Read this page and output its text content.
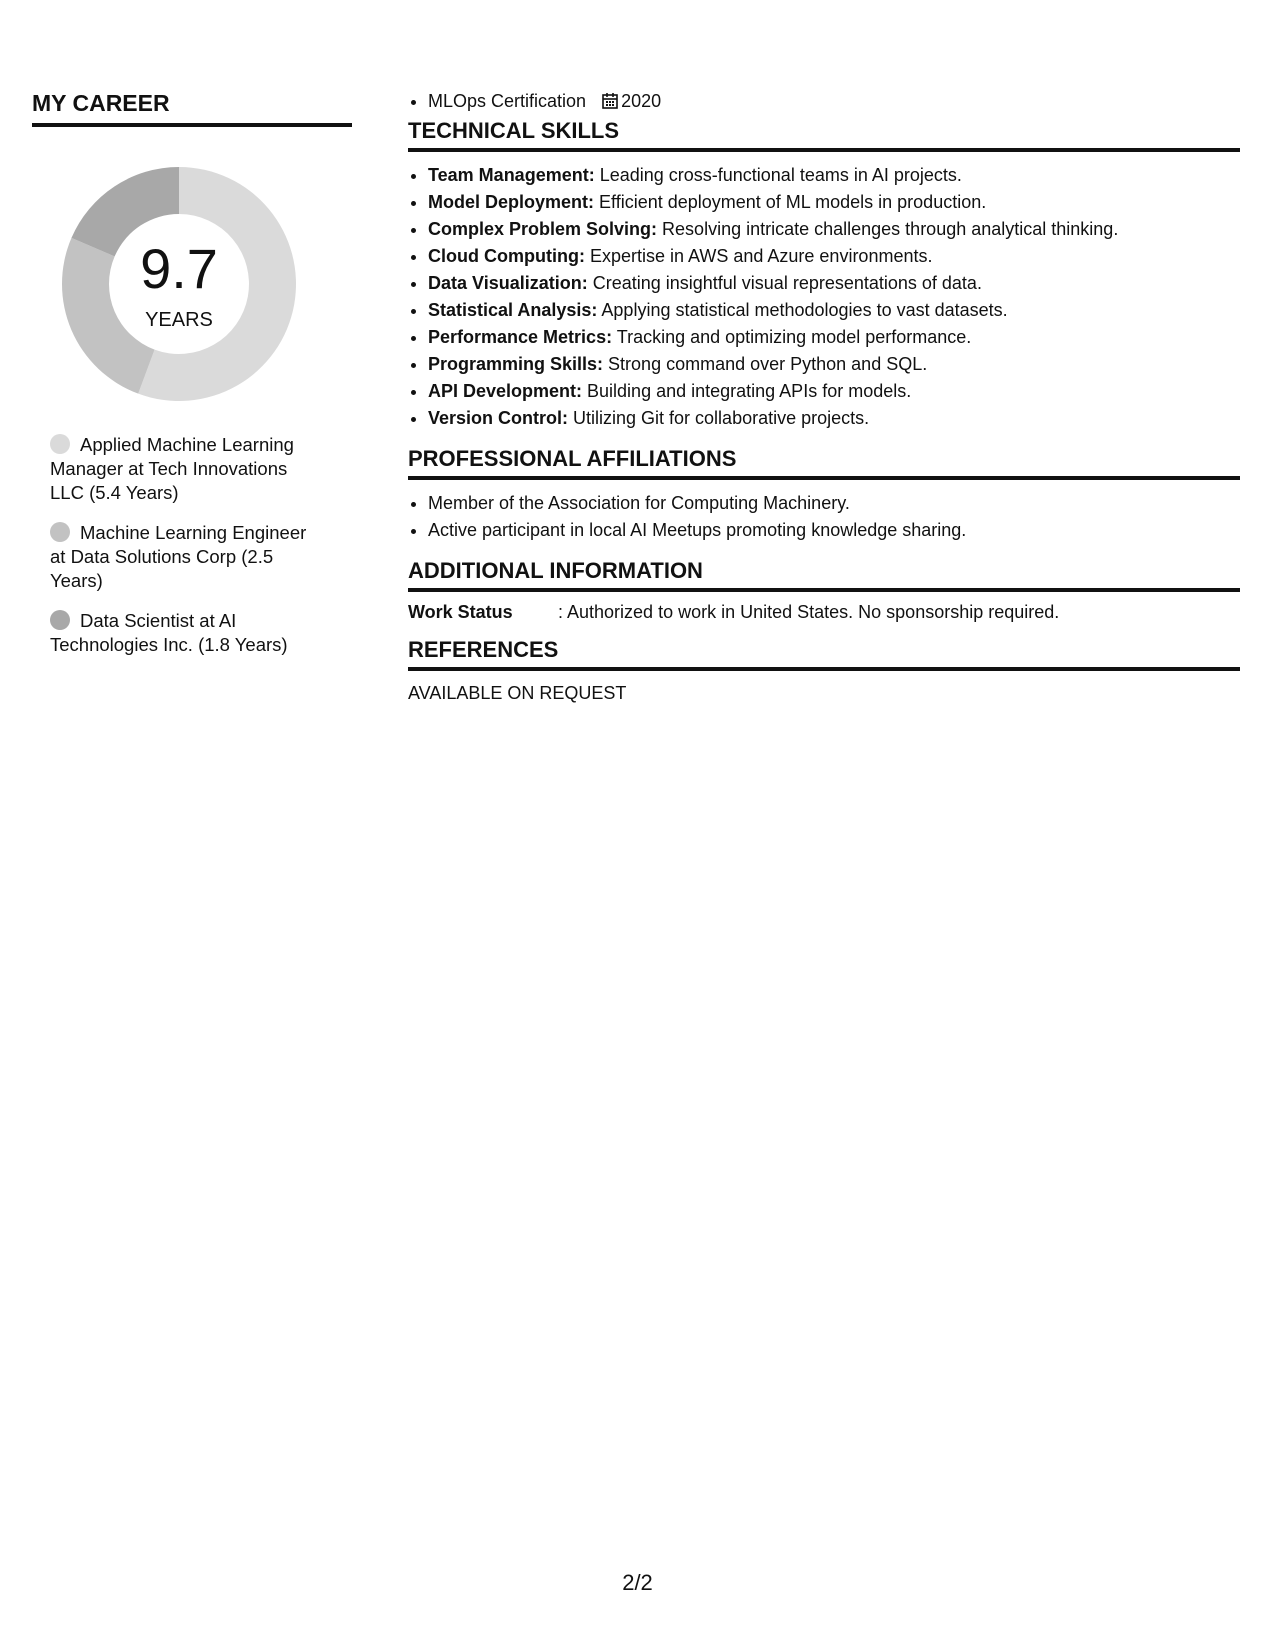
MY CAREER
9.7
YEARS
Applied Machine Learning Manager at Tech Innovations LLC (5.4 Years)
Machine Learning Engineer at Data Solutions Corp (2.5 Years)
Data Scientist at AI Technologies Inc. (1.8 Years)
• MLOps Certification 2020
TECHNICAL SKILLS
• Team Management: Leading cross-functional teams in AI projects.
• Model Deployment: Efficient deployment of ML models in production.
• Complex Problem Solving: Resolving intricate challenges through analytical thinking.
• Cloud Computing: Expertise in AWS and Azure environments.
• Data Visualization: Creating insightful visual representations of data.
• Statistical Analysis: Applying statistical methodologies to vast datasets.
• Performance Metrics: Tracking and optimizing model performance.
• Programming Skills: Strong command over Python and SQL.
• API Development: Building and integrating APIs for models.
• Version Control: Utilizing Git for collaborative projects.
PROFESSIONAL AFFILIATIONS
• Member of the Association for Computing Machinery.
• Active participant in local AI Meetups promoting knowledge sharing.
ADDITIONAL INFORMATION
Work Status	: Authorized to work in United States. No sponsorship required.
REFERENCES
AVAILABLE ON REQUEST
2/2
